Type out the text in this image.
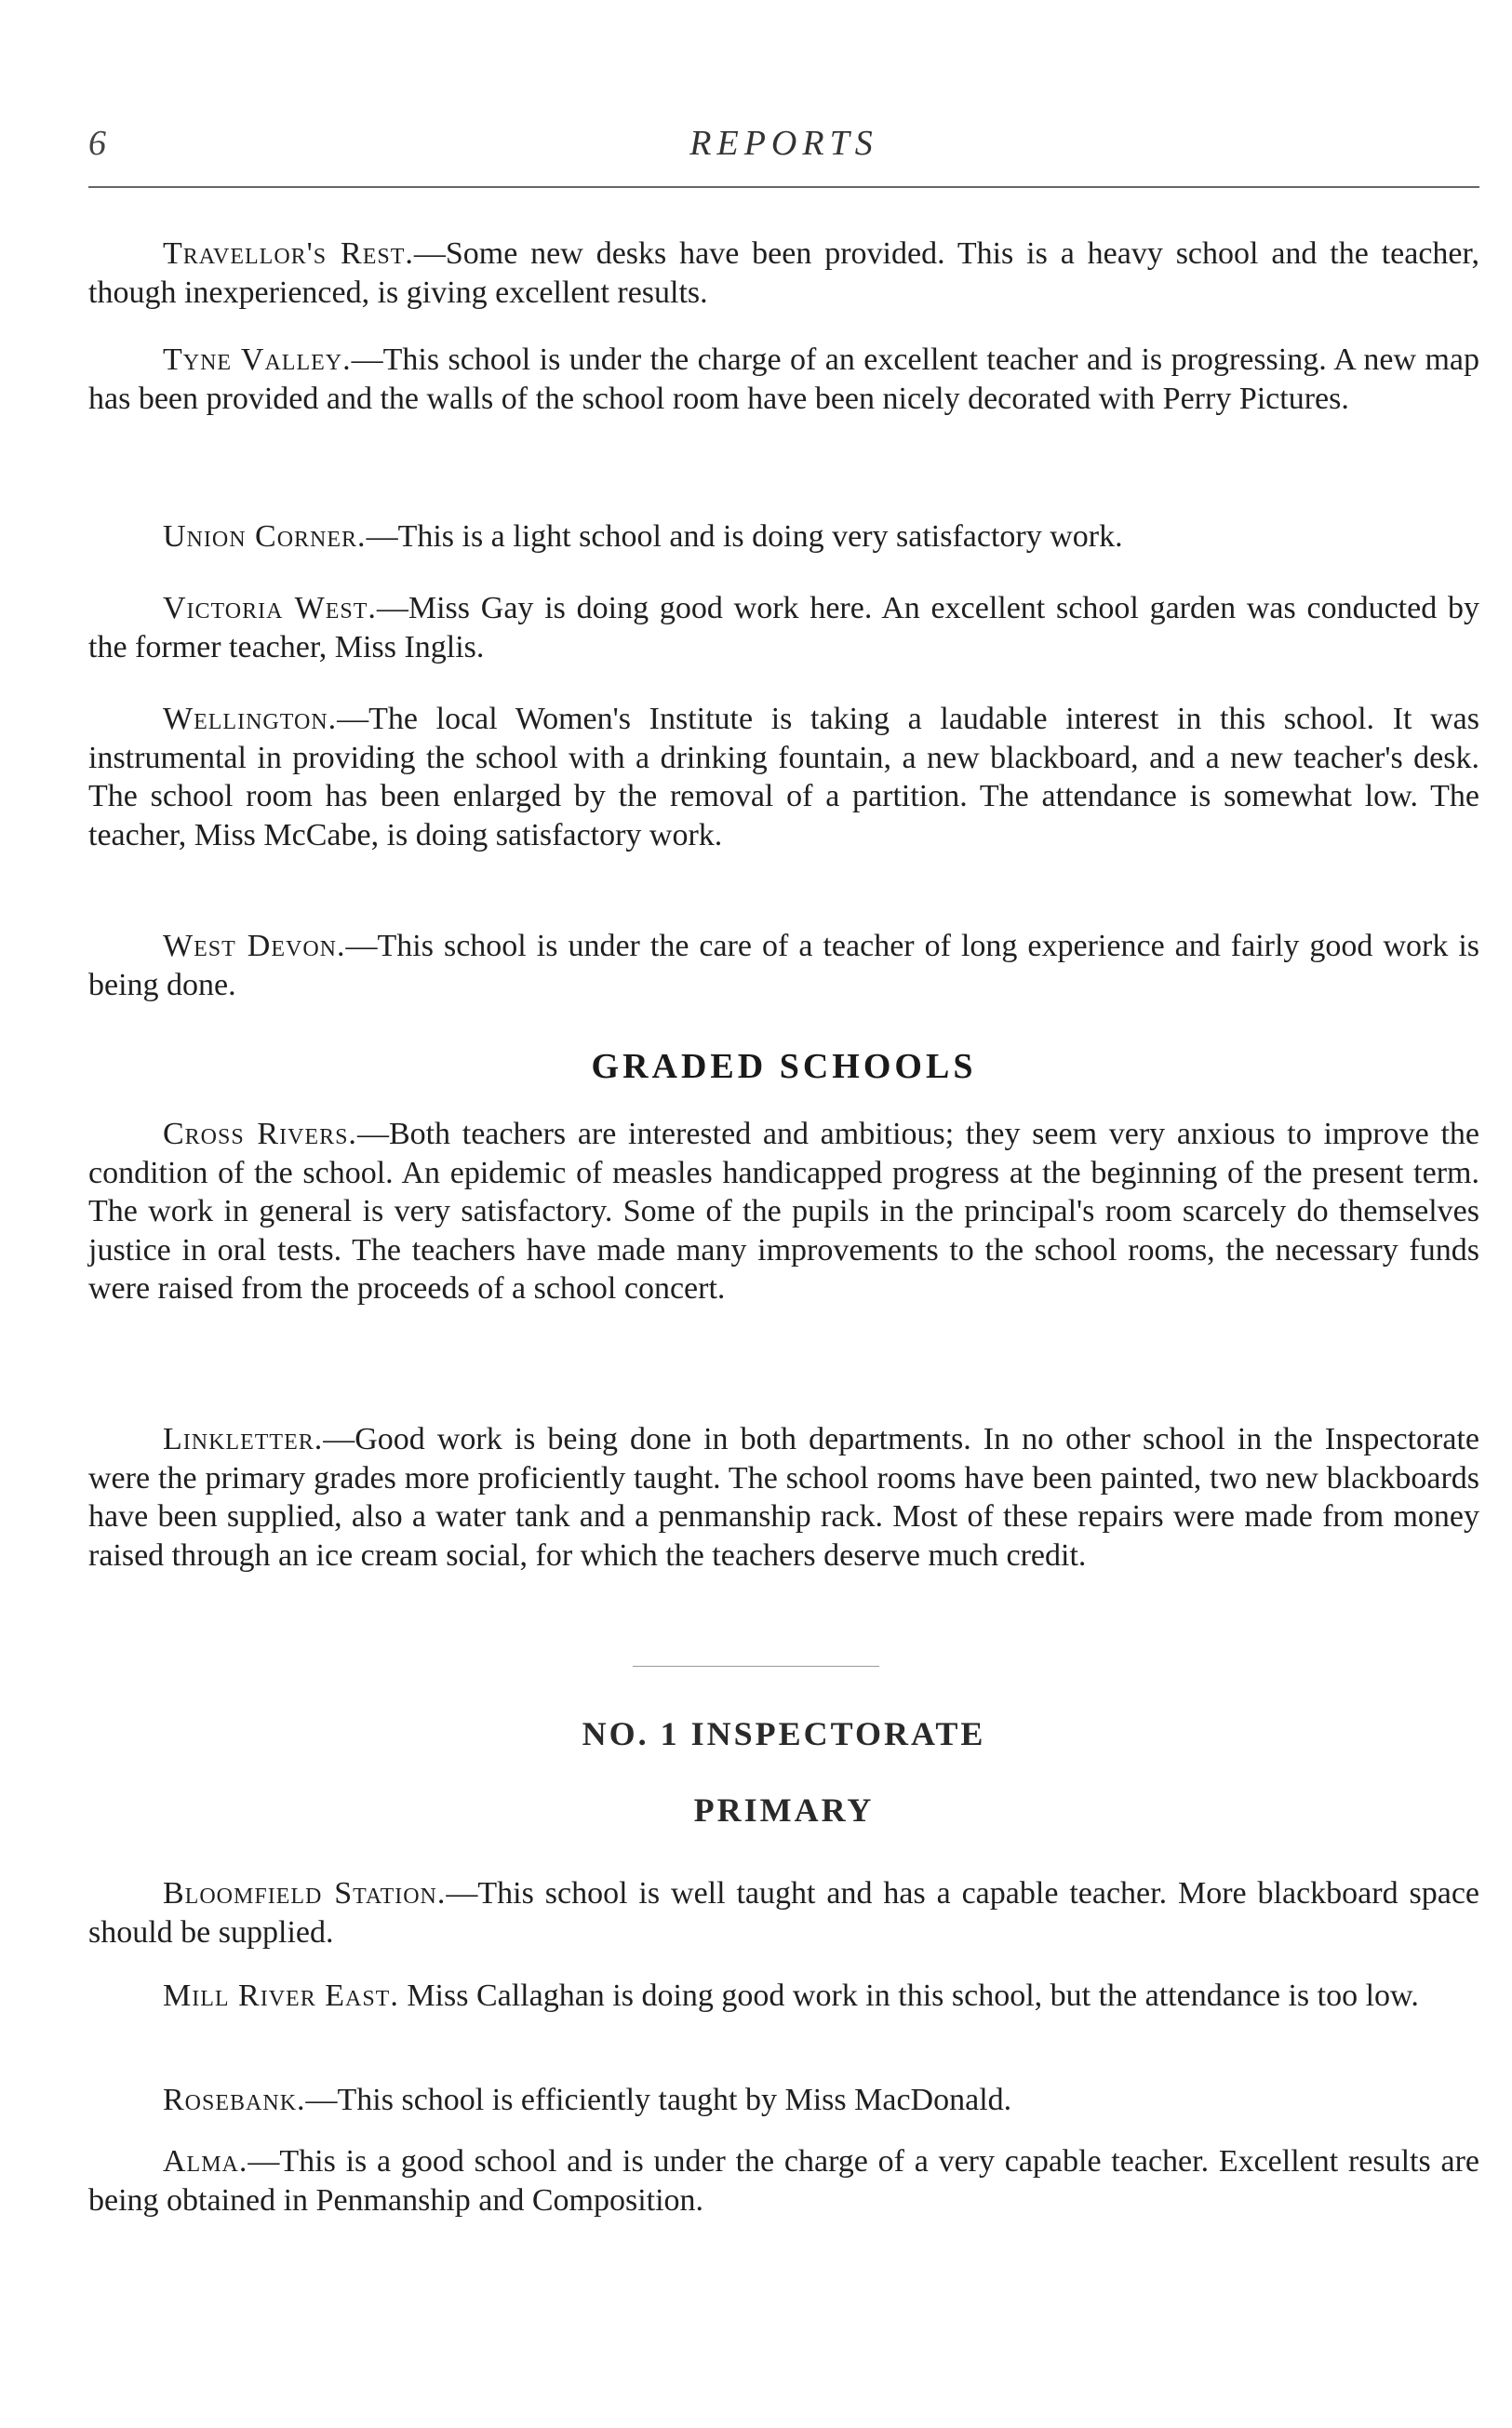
6	REPORTS

Travellor's Rest.—Some new desks have been provided. This is a heavy school and the teacher, though inexperienced, is giving excellent results.

Tyne Valley.—This school is under the charge of an excellent teacher and is progressing. A new map has been provided and the walls of the school room have been nicely decorated with Perry Pictures.

Union Corner.—This is a light school and is doing very satisfactory work.

Victoria West.—Miss Gay is doing good work here. An excellent school garden was conducted by the former teacher, Miss Inglis.

Wellington.—The local Women's Institute is taking a laudable interest in this school. It was instrumental in providing the school with a drinking fountain, a new blackboard, and a new teacher's desk. The school room has been enlarged by the removal of a partition. The attendance is somewhat low. The teacher, Miss McCabe, is doing satisfactory work.

West Devon.—This school is under the care of a teacher of long experience and fairly good work is being done.

GRADED SCHOOLS

Cross Rivers.—Both teachers are interested and ambitious; they seem very anxious to improve the condition of the school. An epidemic of measles handicapped progress at the beginning of the present term. The work in general is very satisfactory. Some of the pupils in the principal's room scarcely do themselves justice in oral tests. The teachers have made many improvements to the school rooms, the necessary funds were raised from the proceeds of a school concert.

Linkletter.—Good work is being done in both departments. In no other school in the Inspectorate were the primary grades more proficiently taught. The school rooms have been painted, two new blackboards have been supplied, also a water tank and a penmanship rack. Most of these repairs were made from money raised through an ice cream social, for which the teachers deserve much credit.

NO. 1 INSPECTORATE
PRIMARY

Bloomfield Station.—This school is well taught and has a capable teacher. More blackboard space should be supplied.

Mill River East. Miss Callaghan is doing good work in this school, but the attendance is too low.

Rosebank.—This school is efficiently taught by Miss MacDonald.

Alma.—This is a good school and is under the charge of a very capable teacher. Excellent results are being obtained in Penmanship and Composition.
